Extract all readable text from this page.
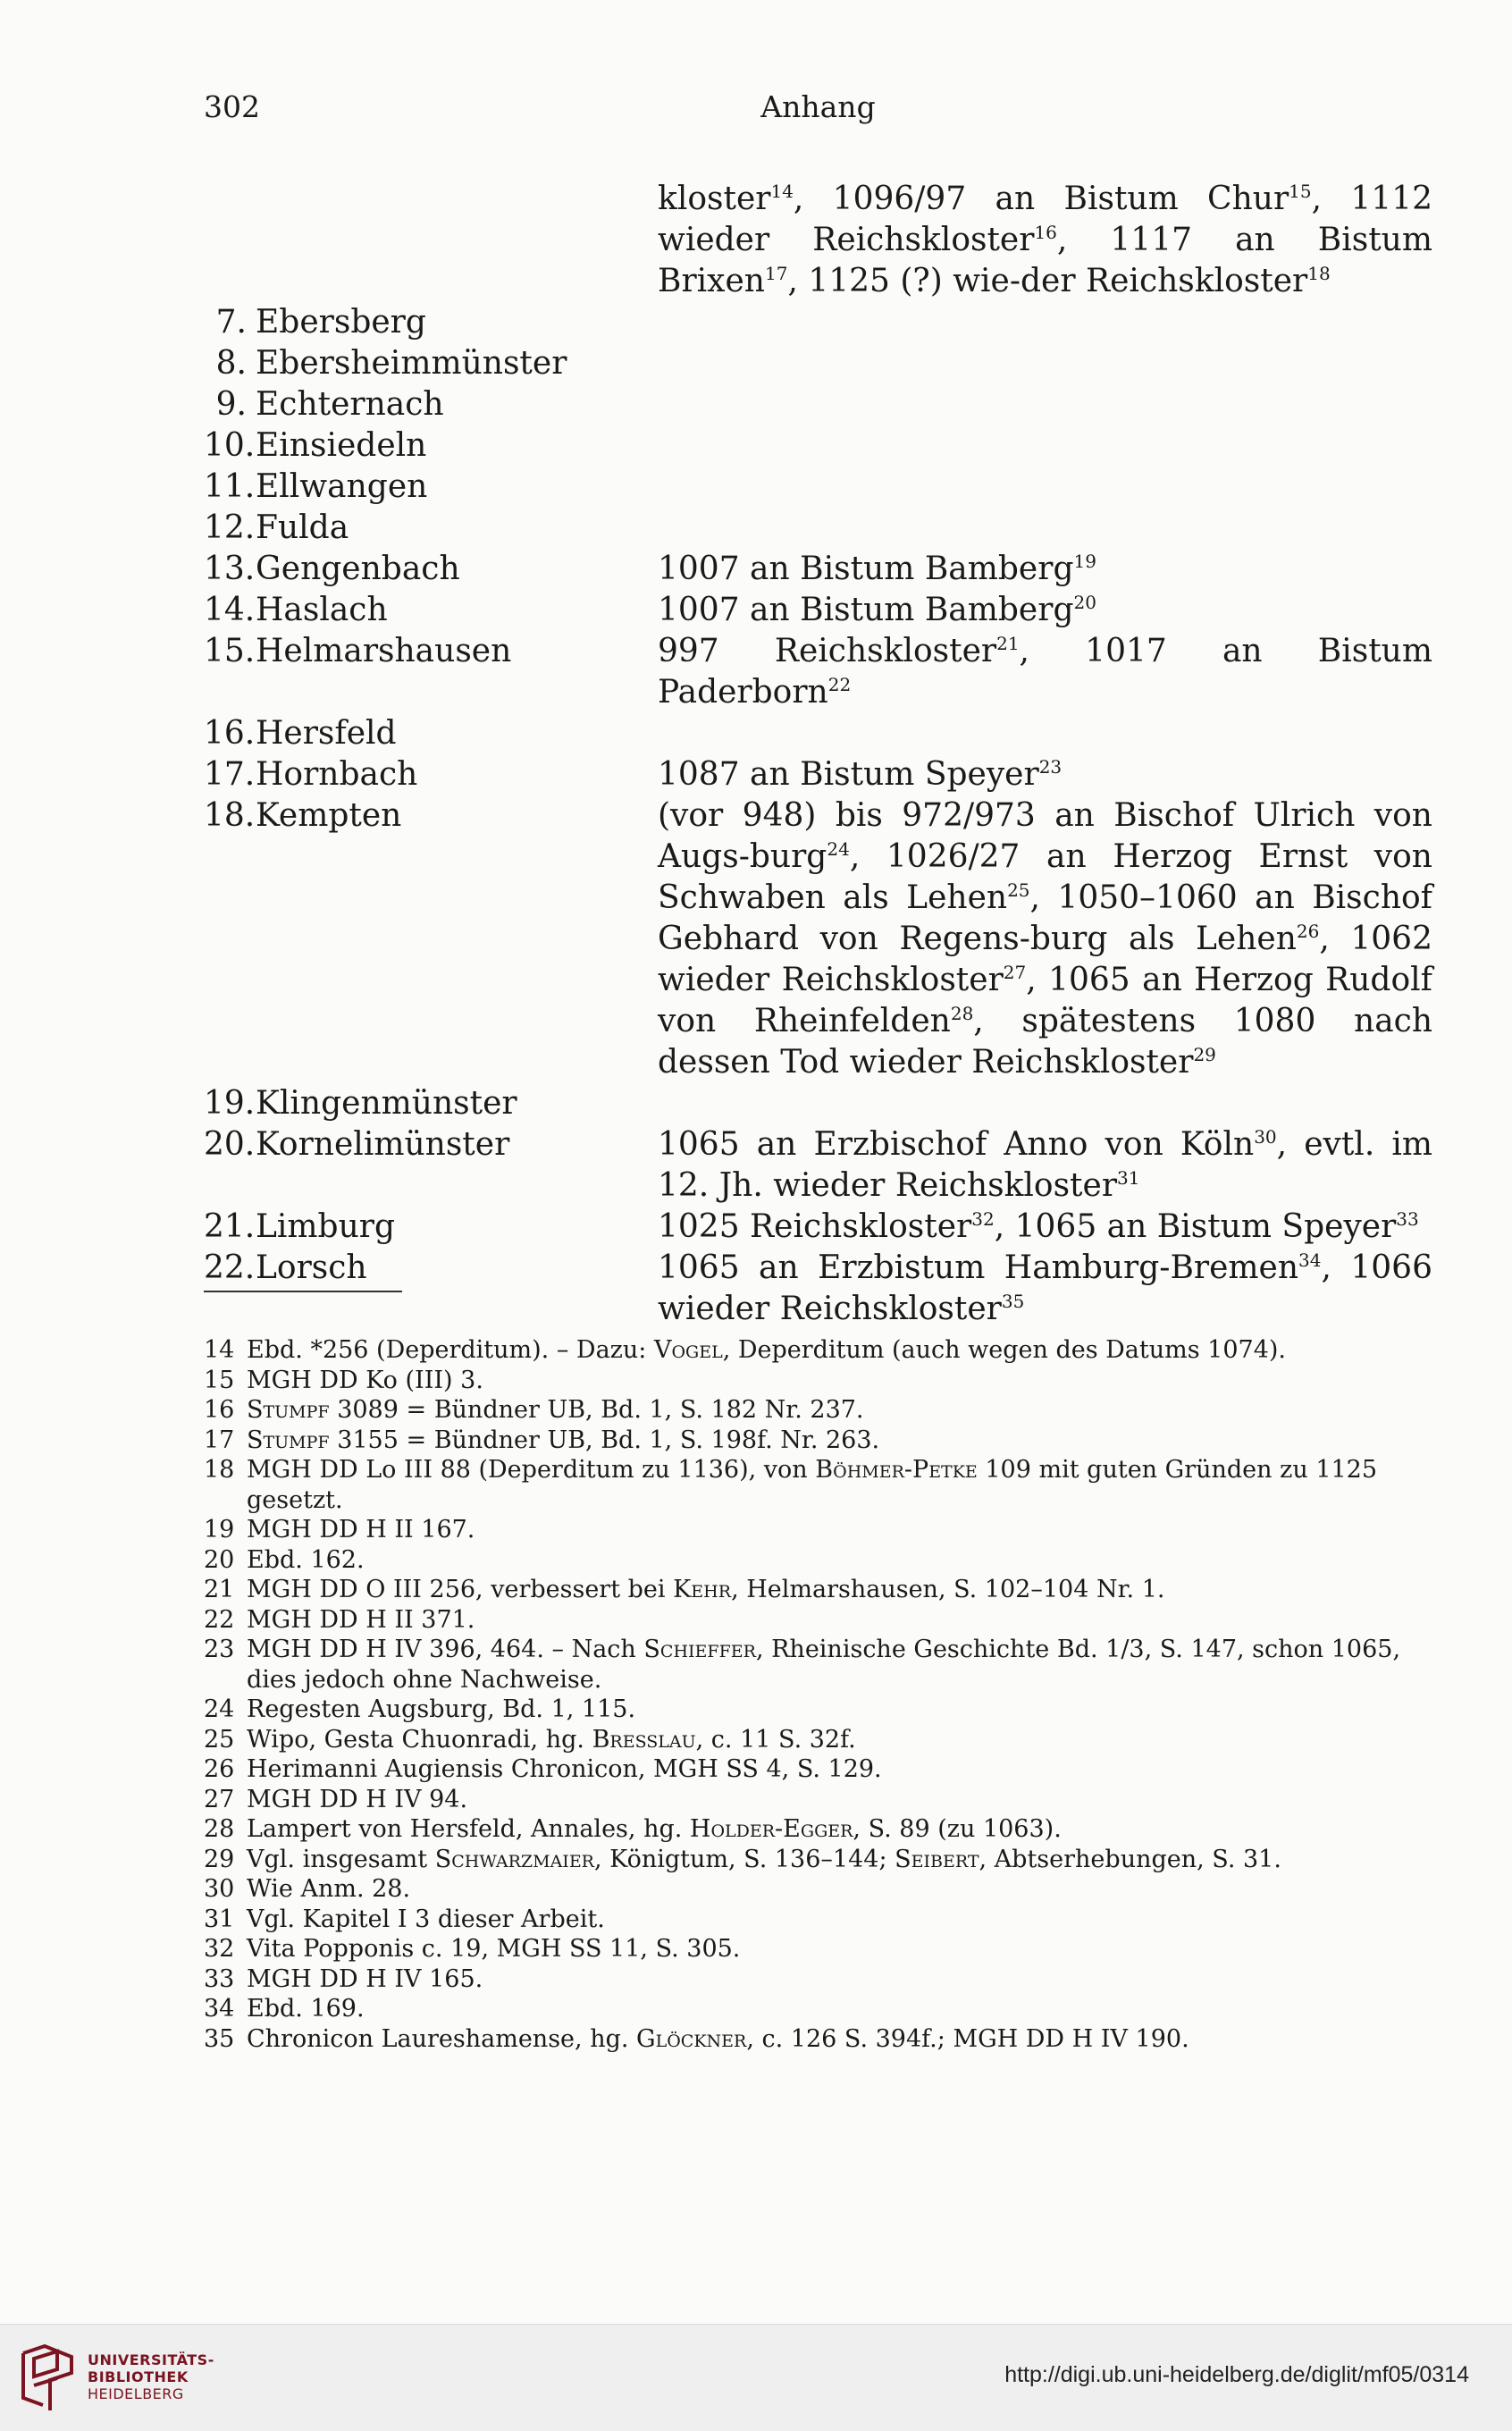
302	Anhang
kloster$^{14}$, 1096/97 an Bistum Chur$^{15}$, 1112 wieder Reichskloster$^{16}$, 1117 an Bistum Brixen$^{17}$, 1125 (?) wie-der Reichskloster$^{18}$
7. Ebersberg
8. Ebersheimmünster
9. Echternach
10. Einsiedeln
11. Ellwangen
12. Fulda
13. Gengenbach	1007 an Bistum Bamberg$^{19}$
14. Haslach	1007 an Bistum Bamberg$^{20}$
15. Helmarshausen	997 Reichskloster$^{21}$, 1017 an Bistum Paderborn$^{22}$
16. Hersfeld
17. Hornbach	1087 an Bistum Speyer$^{23}$
18. Kempten	(vor 948) bis 972/973 an Bischof Ulrich von Augs-burg$^{24}$, 1026/27 an Herzog Ernst von Schwaben als Lehen$^{25}$, 1050–1060 an Bischof Gebhard von Regens-burg als Lehen$^{26}$, 1062 wieder Reichskloster$^{27}$, 1065 an Herzog Rudolf von Rheinfelden$^{28}$, spätestens 1080 nach dessen Tod wieder Reichskloster$^{29}$
19. Klingenmünster
20. Kornelimünster	1065 an Erzbischof Anno von Köln$^{30}$, evtl. im 12. Jh. wieder Reichskloster$^{31}$
21. Limburg	1025 Reichskloster$^{32}$, 1065 an Bistum Speyer$^{33}$
22. Lorsch	1065 an Erzbistum Hamburg-Bremen$^{34}$, 1066 wieder Reichskloster$^{35}$
14 Ebd. *256 (Deperditum). – Dazu: Vogel, Deperditum (auch wegen des Datums 1074).
15 MGH DD Ko (III) 3.
16 Stumpf 3089 = Bündner UB, Bd. 1, S. 182 Nr. 237.
17 Stumpf 3155 = Bündner UB, Bd. 1, S. 198f. Nr. 263.
18 MGH DD Lo III 88 (Deperditum zu 1136), von Böhmer-Petke 109 mit guten Gründen zu 1125 gesetzt.
19 MGH DD H II 167.
20 Ebd. 162.
21 MGH DD O III 256, verbessert bei Kehr, Helmarshausen, S. 102–104 Nr. 1.
22 MGH DD H II 371.
23 MGH DD H IV 396, 464. – Nach Schieffer, Rheinische Geschichte Bd. 1/3, S. 147, schon 1065, dies jedoch ohne Nachweise.
24 Regesten Augsburg, Bd. 1, 115.
25 Wipo, Gesta Chuonradi, hg. Bresslau, c. 11 S. 32f.
26 Herimanni Augiensis Chronicon, MGH SS 4, S. 129.
27 MGH DD H IV 94.
28 Lampert von Hersfeld, Annales, hg. Holder-Egger, S. 89 (zu 1063).
29 Vgl. insgesamt Schwarzmaier, Königtum, S. 136–144; Seibert, Abtserhebungen, S. 31.
30 Wie Anm. 28.
31 Vgl. Kapitel I 3 dieser Arbeit.
32 Vita Popponis c. 19, MGH SS 11, S. 305.
33 MGH DD H IV 165.
34 Ebd. 169.
35 Chronicon Laureshamense, hg. Glöckner, c. 126 S. 394f.; MGH DD H IV 190.
UNIVERSITÄTS-
BIBLIOTHEK
HEIDELBERG
http://digi.ub.uni-heidelberg.de/diglit/mf05/0314
